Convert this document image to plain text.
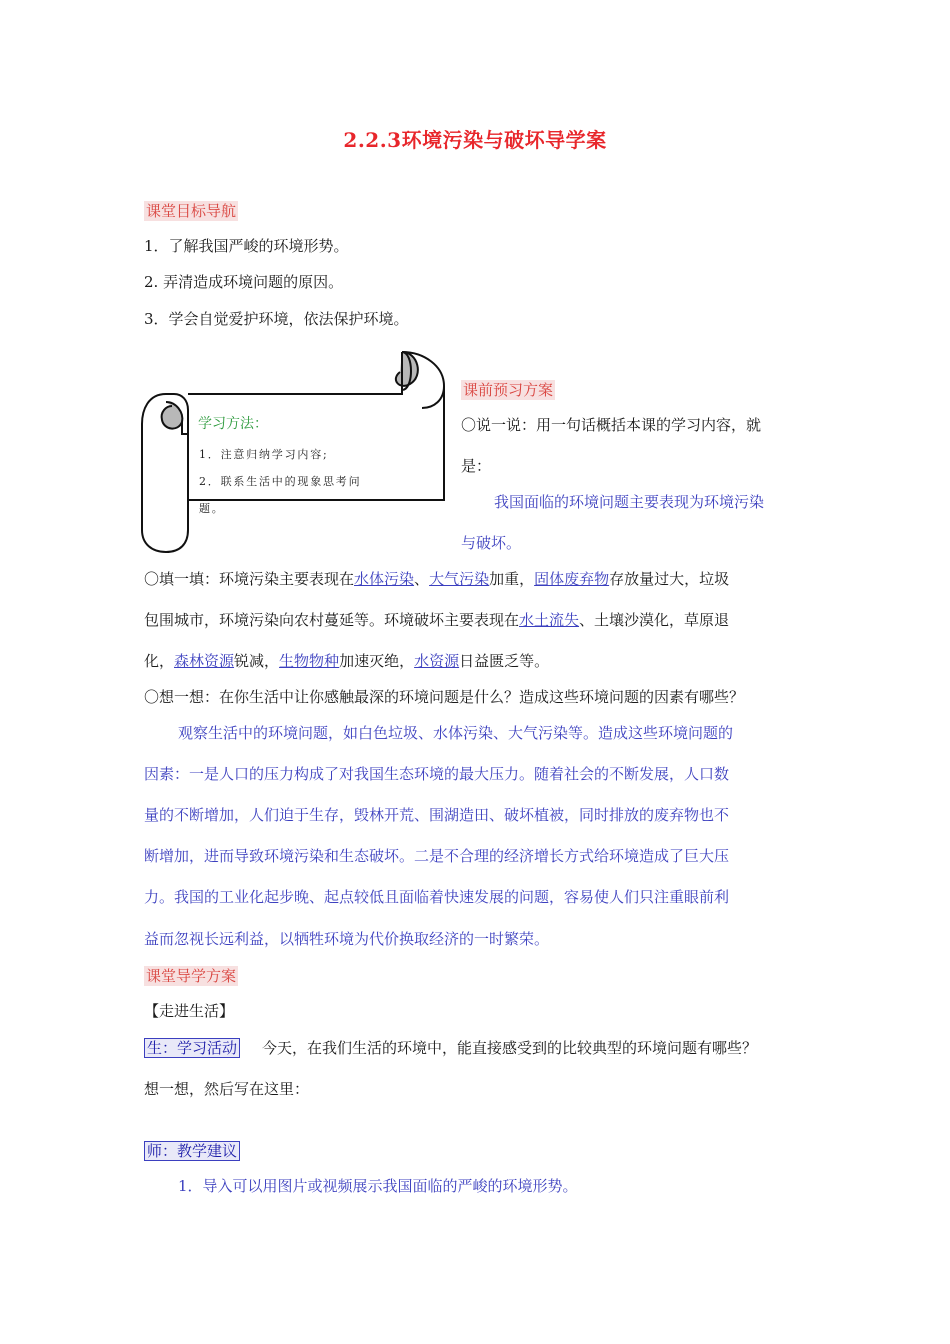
2.2.3环境污染与破坏导学案
课堂目标导航
1．了解我国严峻的环境形势。
2. 弄清造成环境问题的原因。
3．学会自觉爱护环境，依法保护环境。
学习方法：
1．注意归纳学习内容;
2．联系生活中的现象思考问
题。
课前预习方案
〇说一说：用一句话概括本课的学习内容，就
是：
我国面临的环境问题主要表现为环境污染
与破坏。
〇填一填：环境污染主要表现在水体污染、大气污染加重，固体废弃物存放量过大，垃圾
包围城市，环境污染向农村蔓延等。环境破坏主要表现在水土流失、土壤沙漠化，草原退
化，森林资源锐减，生物物种加速灭绝，水资源日益匮乏等。
〇想一想：在你生活中让你感触最深的环境问题是什么？造成这些环境问题的因素有哪些？
观察生活中的环境问题，如白色垃圾、水体污染、大气污染等。造成这些环境问题的
因素：一是人口的压力构成了对我国生态环境的最大压力。随着社会的不断发展，人口数
量的不断增加，人们迫于生存，毁林开荒、围湖造田、破坏植被，同时排放的废弃物也不
断增加，进而导致环境污染和生态破坏。二是不合理的经济增长方式给环境造成了巨大压
力。我国的工业化起步晚、起点较低且面临着快速发展的问题，容易使人们只注重眼前利
益而忽视长远利益，以牺牲环境为代价换取经济的一时繁荣。
课堂导学方案
【走进生活】
生：学习活动 今天，在我们生活的环境中，能直接感受到的比较典型的环境问题有哪些？
想一想，然后写在这里：
师：教学建议
1．导入可以用图片或视频展示我国面临的严峻的环境形势。
